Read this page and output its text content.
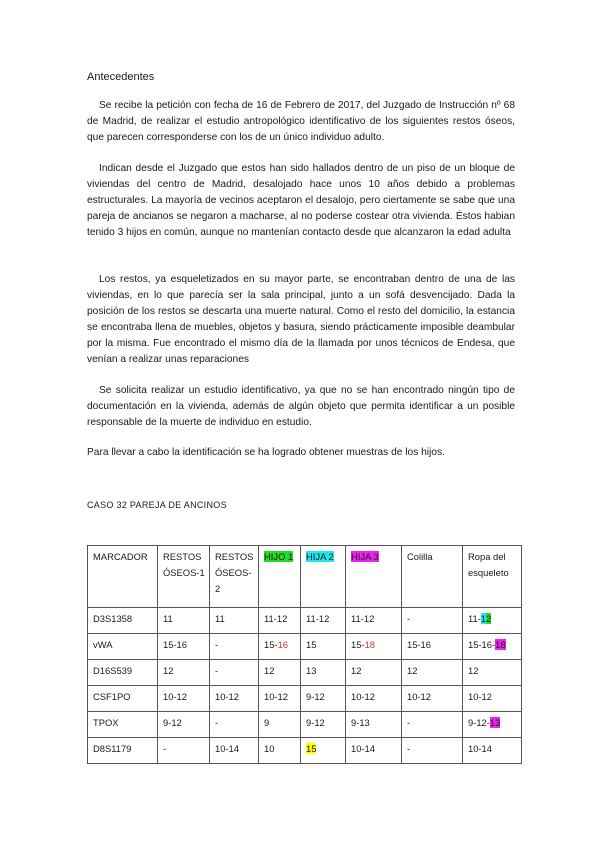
Antecedentes

Se recibe la petición con fecha de 16 de Febrero de 2017, del Juzgado de Instrucción nº 68 de Madrid, de realizar el estudio antropológico identificativo de los siguientes restos óseos, que parecen corresponderse con los de un único individuo adulto.

Indican desde el Juzgado que estos han sido hallados dentro de un piso de un bloque de viviendas del centro de Madrid, desalojado hace unos 10 años debido a problemas estructurales. La mayoría de vecinos aceptaron el desalojo, pero ciertamente se sabe que una pareja de ancianos se negaron a macharse, al no poderse costear otra vivienda. Éstos habian tenido 3 hijos en común, aunque no mantenían contacto desde que alcanzaron la edad adulta

Los restos, ya esqueletizados en su mayor parte, se encontraban dentro de una de las viviendas, en lo que parecía ser la sala principal, junto a un sofá desvencijado. Dada la posición de los restos se descarta una muerte natural. Como el resto del domicilio, la estancia se encontraba llena de muebles, objetos y basura, siendo prácticamente imposible deambular por la misma. Fue encontrado el mismo día de la llamada por unos técnicos de Endesa, que venían a realizar unas reparaciones

Se solicita realizar un estudio identificativo, ya que no se han encontrado ningún tipo de documentación en la vivienda, además de algún objeto que permita identificar a un posible responsable de la muerte de individuo en estudio.

Para llevar a cabo la identificación se ha logrado obtener muestras de los hijos.

CASO 32 PAREJA DE ANCINOS
MARCADOR	RESTOS ÓSEOS-1	RESTOS ÓSEOS-2	HIJO 1	HIJA 2	HIJA 3	Colilla	Ropa del esqueleto
D3S1358	11	11	11-12	11-12	11-12	-	11-12
vWA	15-16	-	15-16	15	15-18	15-16	15-16-18
D16S539	12	-	12	13	12	12	12
CSF1PO	10-12	10-12	10-12	9-12	10-12	10-12	10-12
TPOX	9-12	-	9	9-12	9-13	-	9-12-13
D8S1179	-	10-14	10	15	10-14	-	10-14
